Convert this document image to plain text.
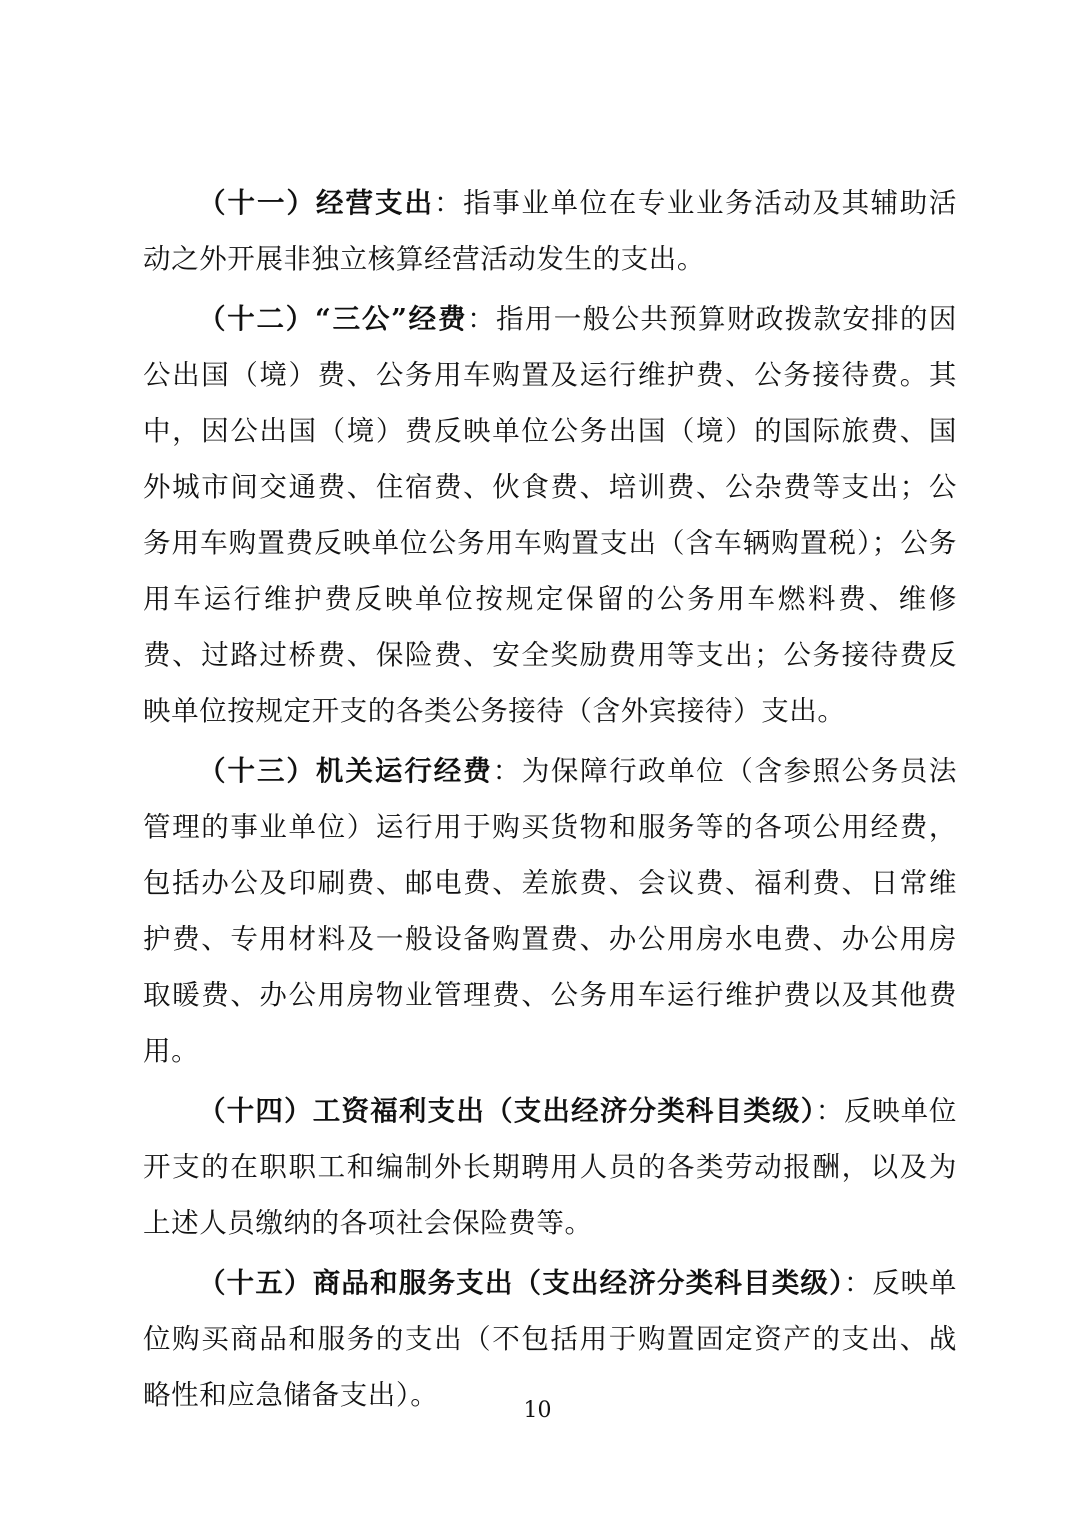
（十一）经营支出：指事业单位在专业业务活动及其辅助活动之外开展非独立核算经营活动发生的支出。

（十二）“三公”经费：指用一般公共预算财政拨款安排的因公出国（境）费、公务用车购置及运行维护费、公务接待费。其中，因公出国（境）费反映单位公务出国（境）的国际旅费、国外城市间交通费、住宿费、伙食费、培训费、公杂费等支出；公务用车购置费反映单位公务用车购置支出（含车辆购置税）；公务用车运行维护费反映单位按规定保留的公务用车燃料费、维修费、过路过桥费、保险费、安全奖励费用等支出；公务接待费反映单位按规定开支的各类公务接待（含外宾接待）支出。

（十三）机关运行经费：为保障行政单位（含参照公务员法管理的事业单位）运行用于购买货物和服务等的各项公用经费，包括办公及印刷费、邮电费、差旅费、会议费、福利费、日常维护费、专用材料及一般设备购置费、办公用房水电费、办公用房取暖费、办公用房物业管理费、公务用车运行维护费以及其他费用。

（十四）工资福利支出（支出经济分类科目类级）：反映单位开支的在职职工和编制外长期聘用人员的各类劳动报酬，以及为上述人员缴纳的各项社会保险费等。

（十五）商品和服务支出（支出经济分类科目类级）：反映单位购买商品和服务的支出（不包括用于购置固定资产的支出、战略性和应急储备支出）。	10
